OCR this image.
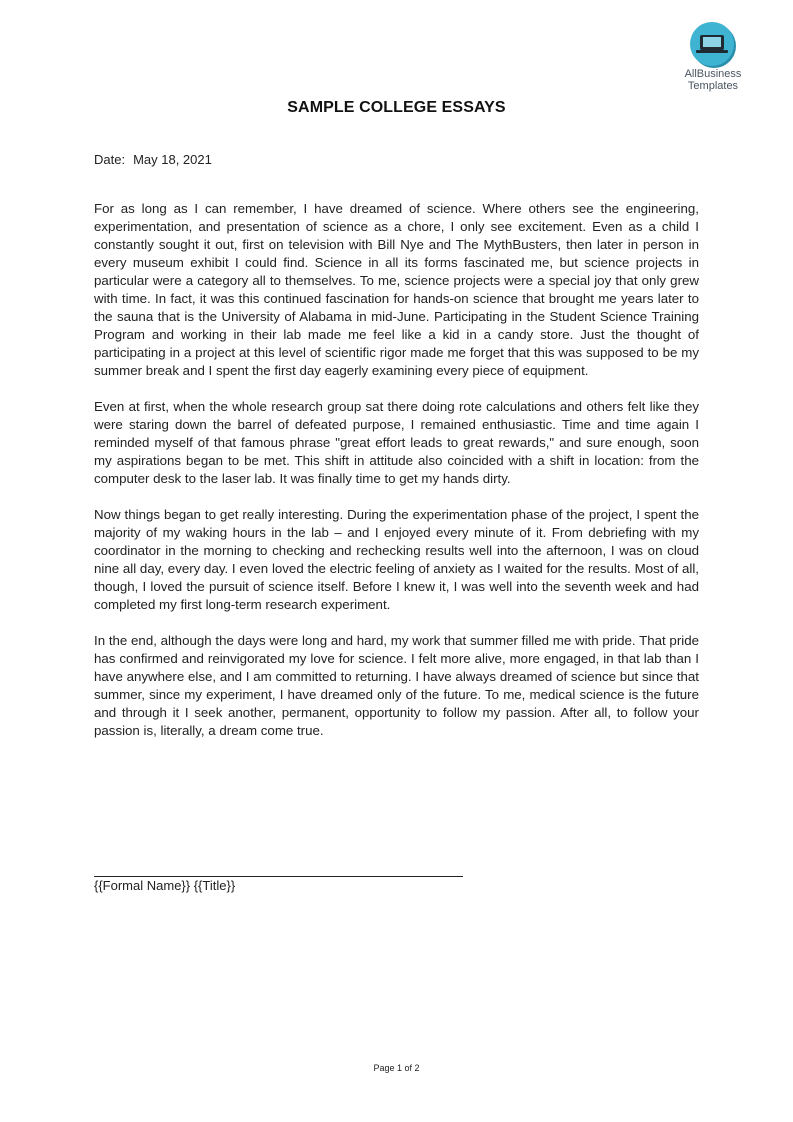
AllBusiness
Templates
SAMPLE COLLEGE ESSAYS
Date: May 18, 2021

For as long as I can remember, I have dreamed of science. Where others see the engineering, experimentation, and presentation of science as a chore, I only see excitement. Even as a child I constantly sought it out, first on television with Bill Nye and The MythBusters, then later in person in every museum exhibit I could find. Science in all its forms fascinated me, but science projects in particular were a category all to themselves. To me, science projects were a special joy that only grew with time. In fact, it was this continued fascination for hands-on science that brought me years later to the sauna that is the University of Alabama in mid-June. Participating in the Student Science Training Program and working in their lab made me feel like a kid in a candy store. Just the thought of participating in a project at this level of scientific rigor made me forget that this was supposed to be my summer break and I spent the first day eagerly examining every piece of equipment.

Even at first, when the whole research group sat there doing rote calculations and others felt like they were staring down the barrel of defeated purpose, I remained enthusiastic. Time and time again I reminded myself of that famous phrase "great effort leads to great rewards," and sure enough, soon my aspirations began to be met. This shift in attitude also coincided with a shift in location: from the computer desk to the laser lab. It was finally time to get my hands dirty.

Now things began to get really interesting. During the experimentation phase of the project, I spent the majority of my waking hours in the lab – and I enjoyed every minute of it. From debriefing with my coordinator in the morning to checking and rechecking results well into the afternoon, I was on cloud nine all day, every day. I even loved the electric feeling of anxiety as I waited for the results. Most of all, though, I loved the pursuit of science itself. Before I knew it, I was well into the seventh week and had completed my first long-term research experiment.

In the end, although the days were long and hard, my work that summer filled me with pride. That pride has confirmed and reinvigorated my love for science. I felt more alive, more engaged, in that lab than I have anywhere else, and I am committed to returning. I have always dreamed of science but since that summer, since my experiment, I have dreamed only of the future. To me, medical science is the future and through it I seek another, permanent, opportunity to follow my passion. After all, to follow your passion is, literally, a dream come true.

{{Formal Name}} {{Title}}
Page 1 of 2
